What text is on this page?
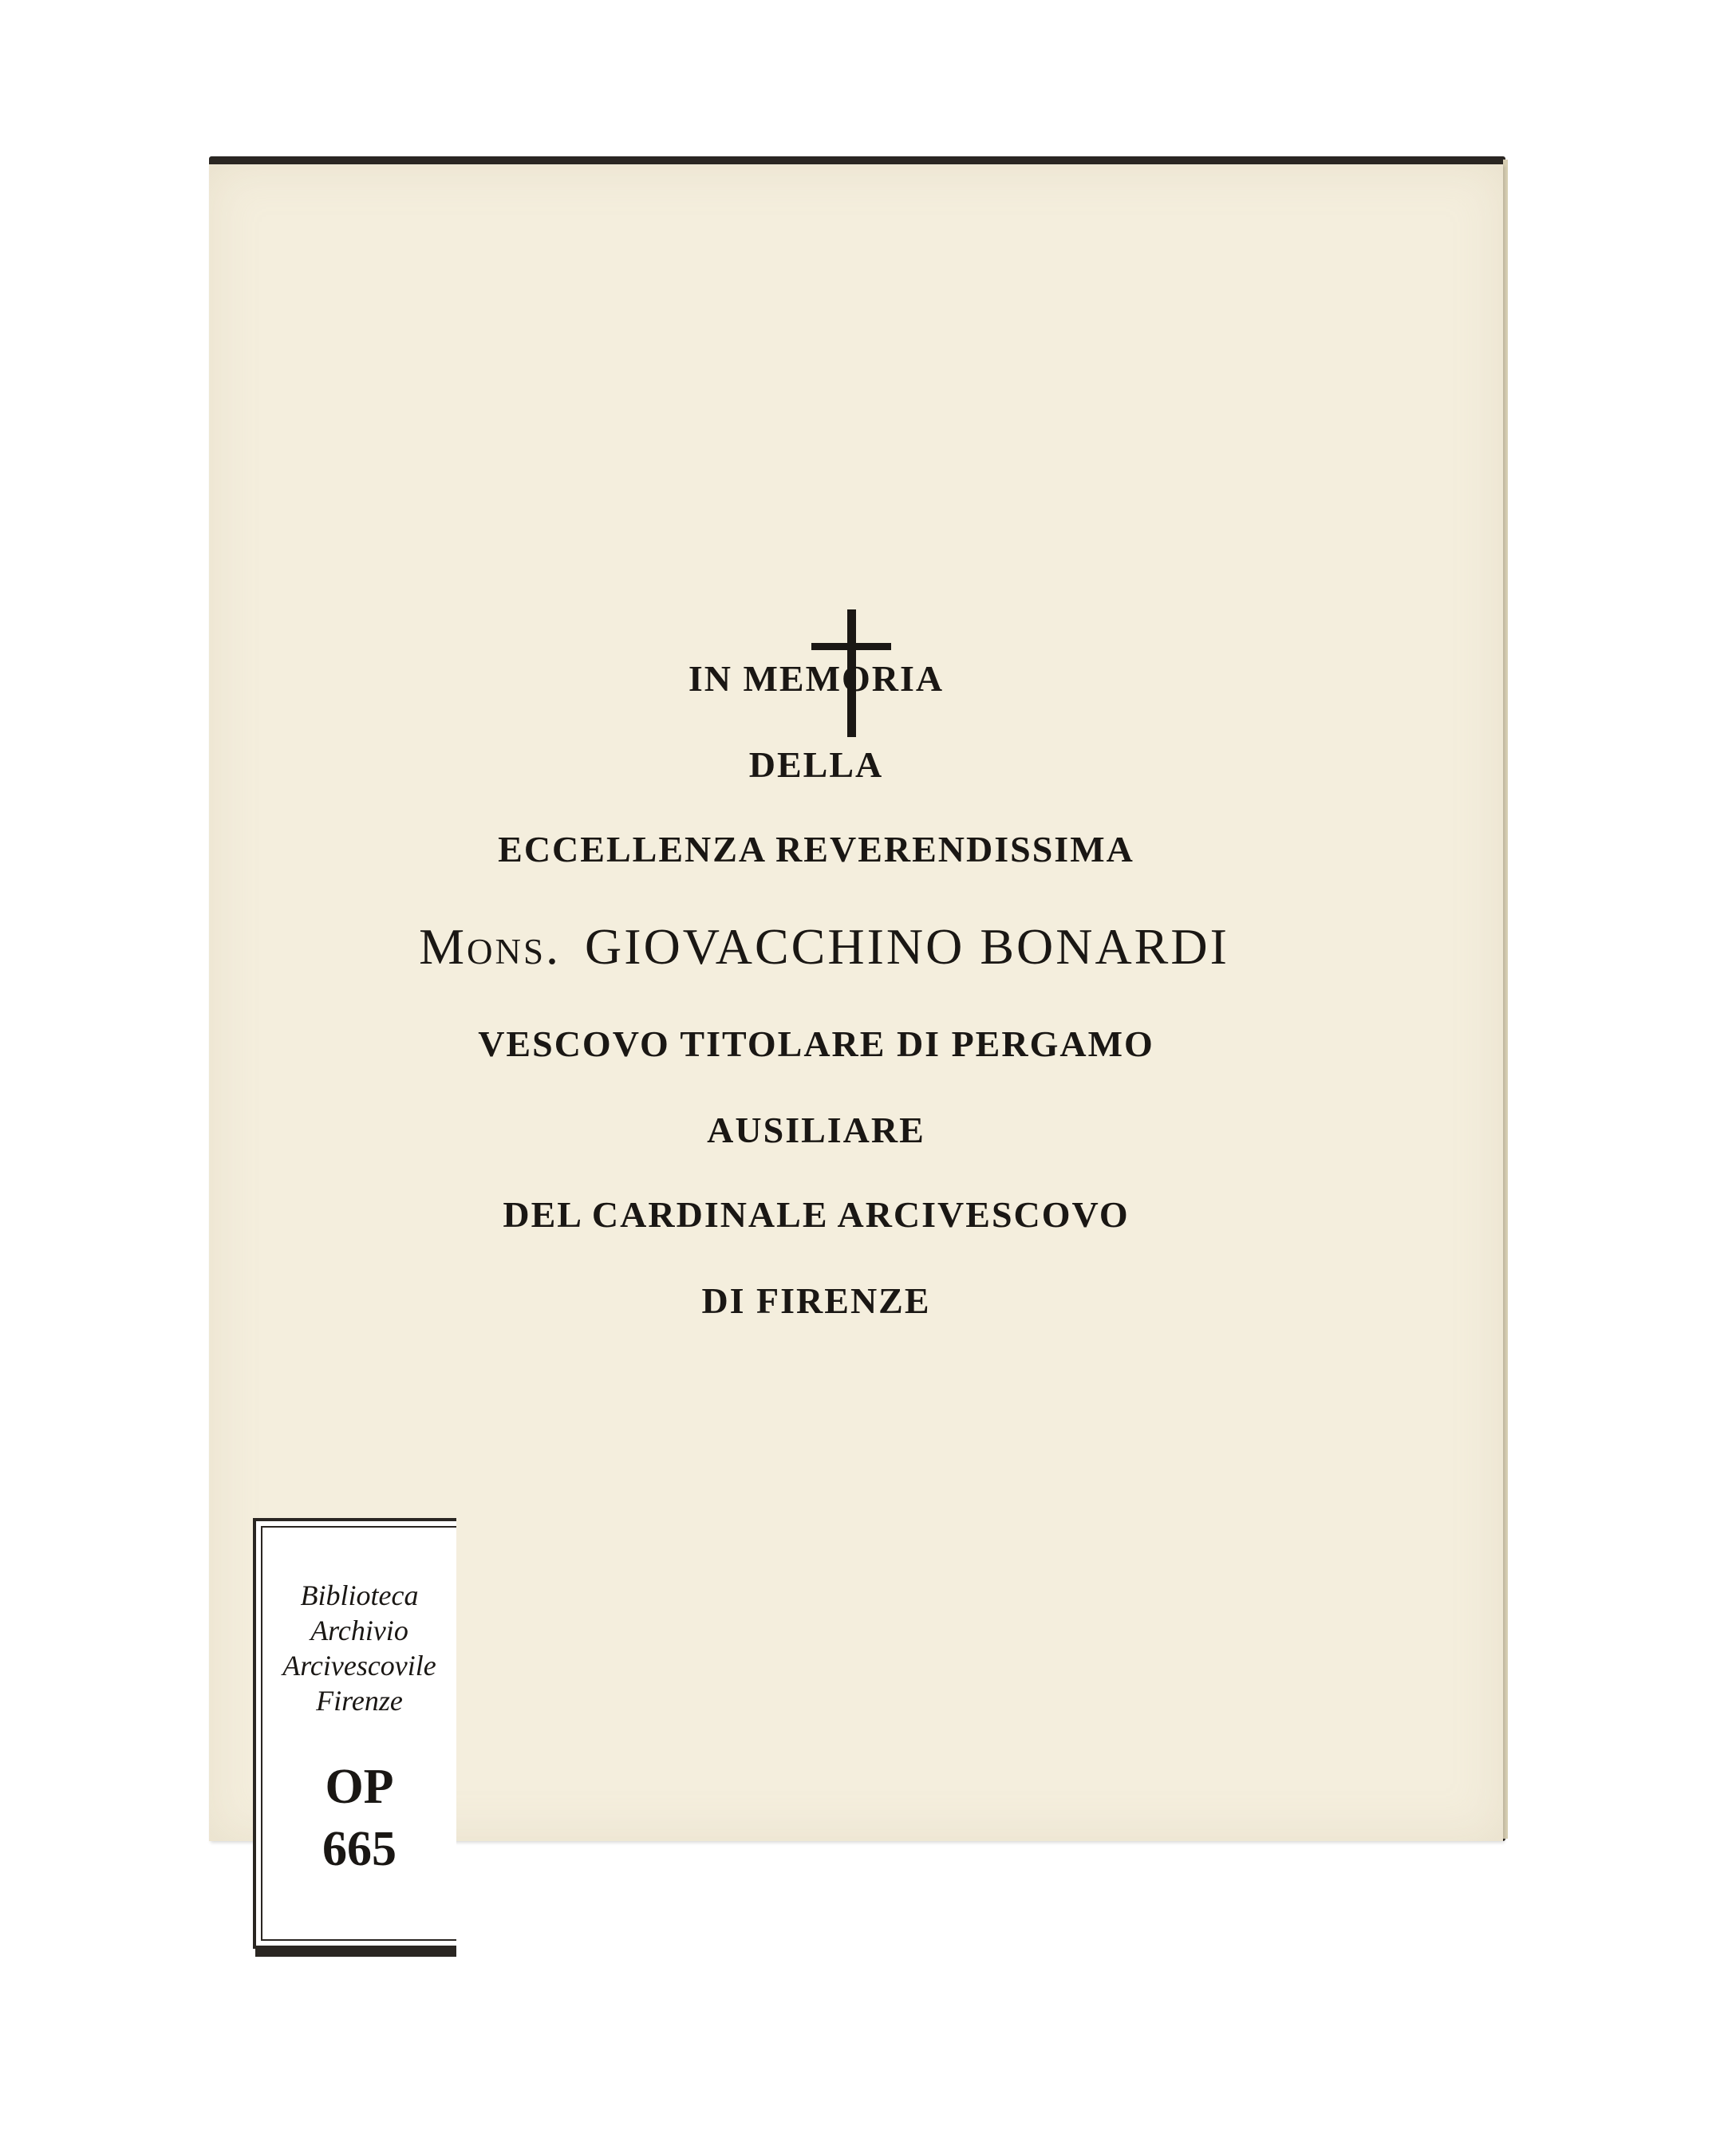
IN MEMORIA
DELLA
ECCELLENZA REVERENDISSIMA
Mons. GIOVACCHINO BONARDI
VESCOVO TITOLARE DI PERGAMO
AUSILIARE
DEL CARDINALE ARCIVESCOVO
DI FIRENZE
Biblioteca
Archivio
Arcivescovile
Firenze
OP
665
